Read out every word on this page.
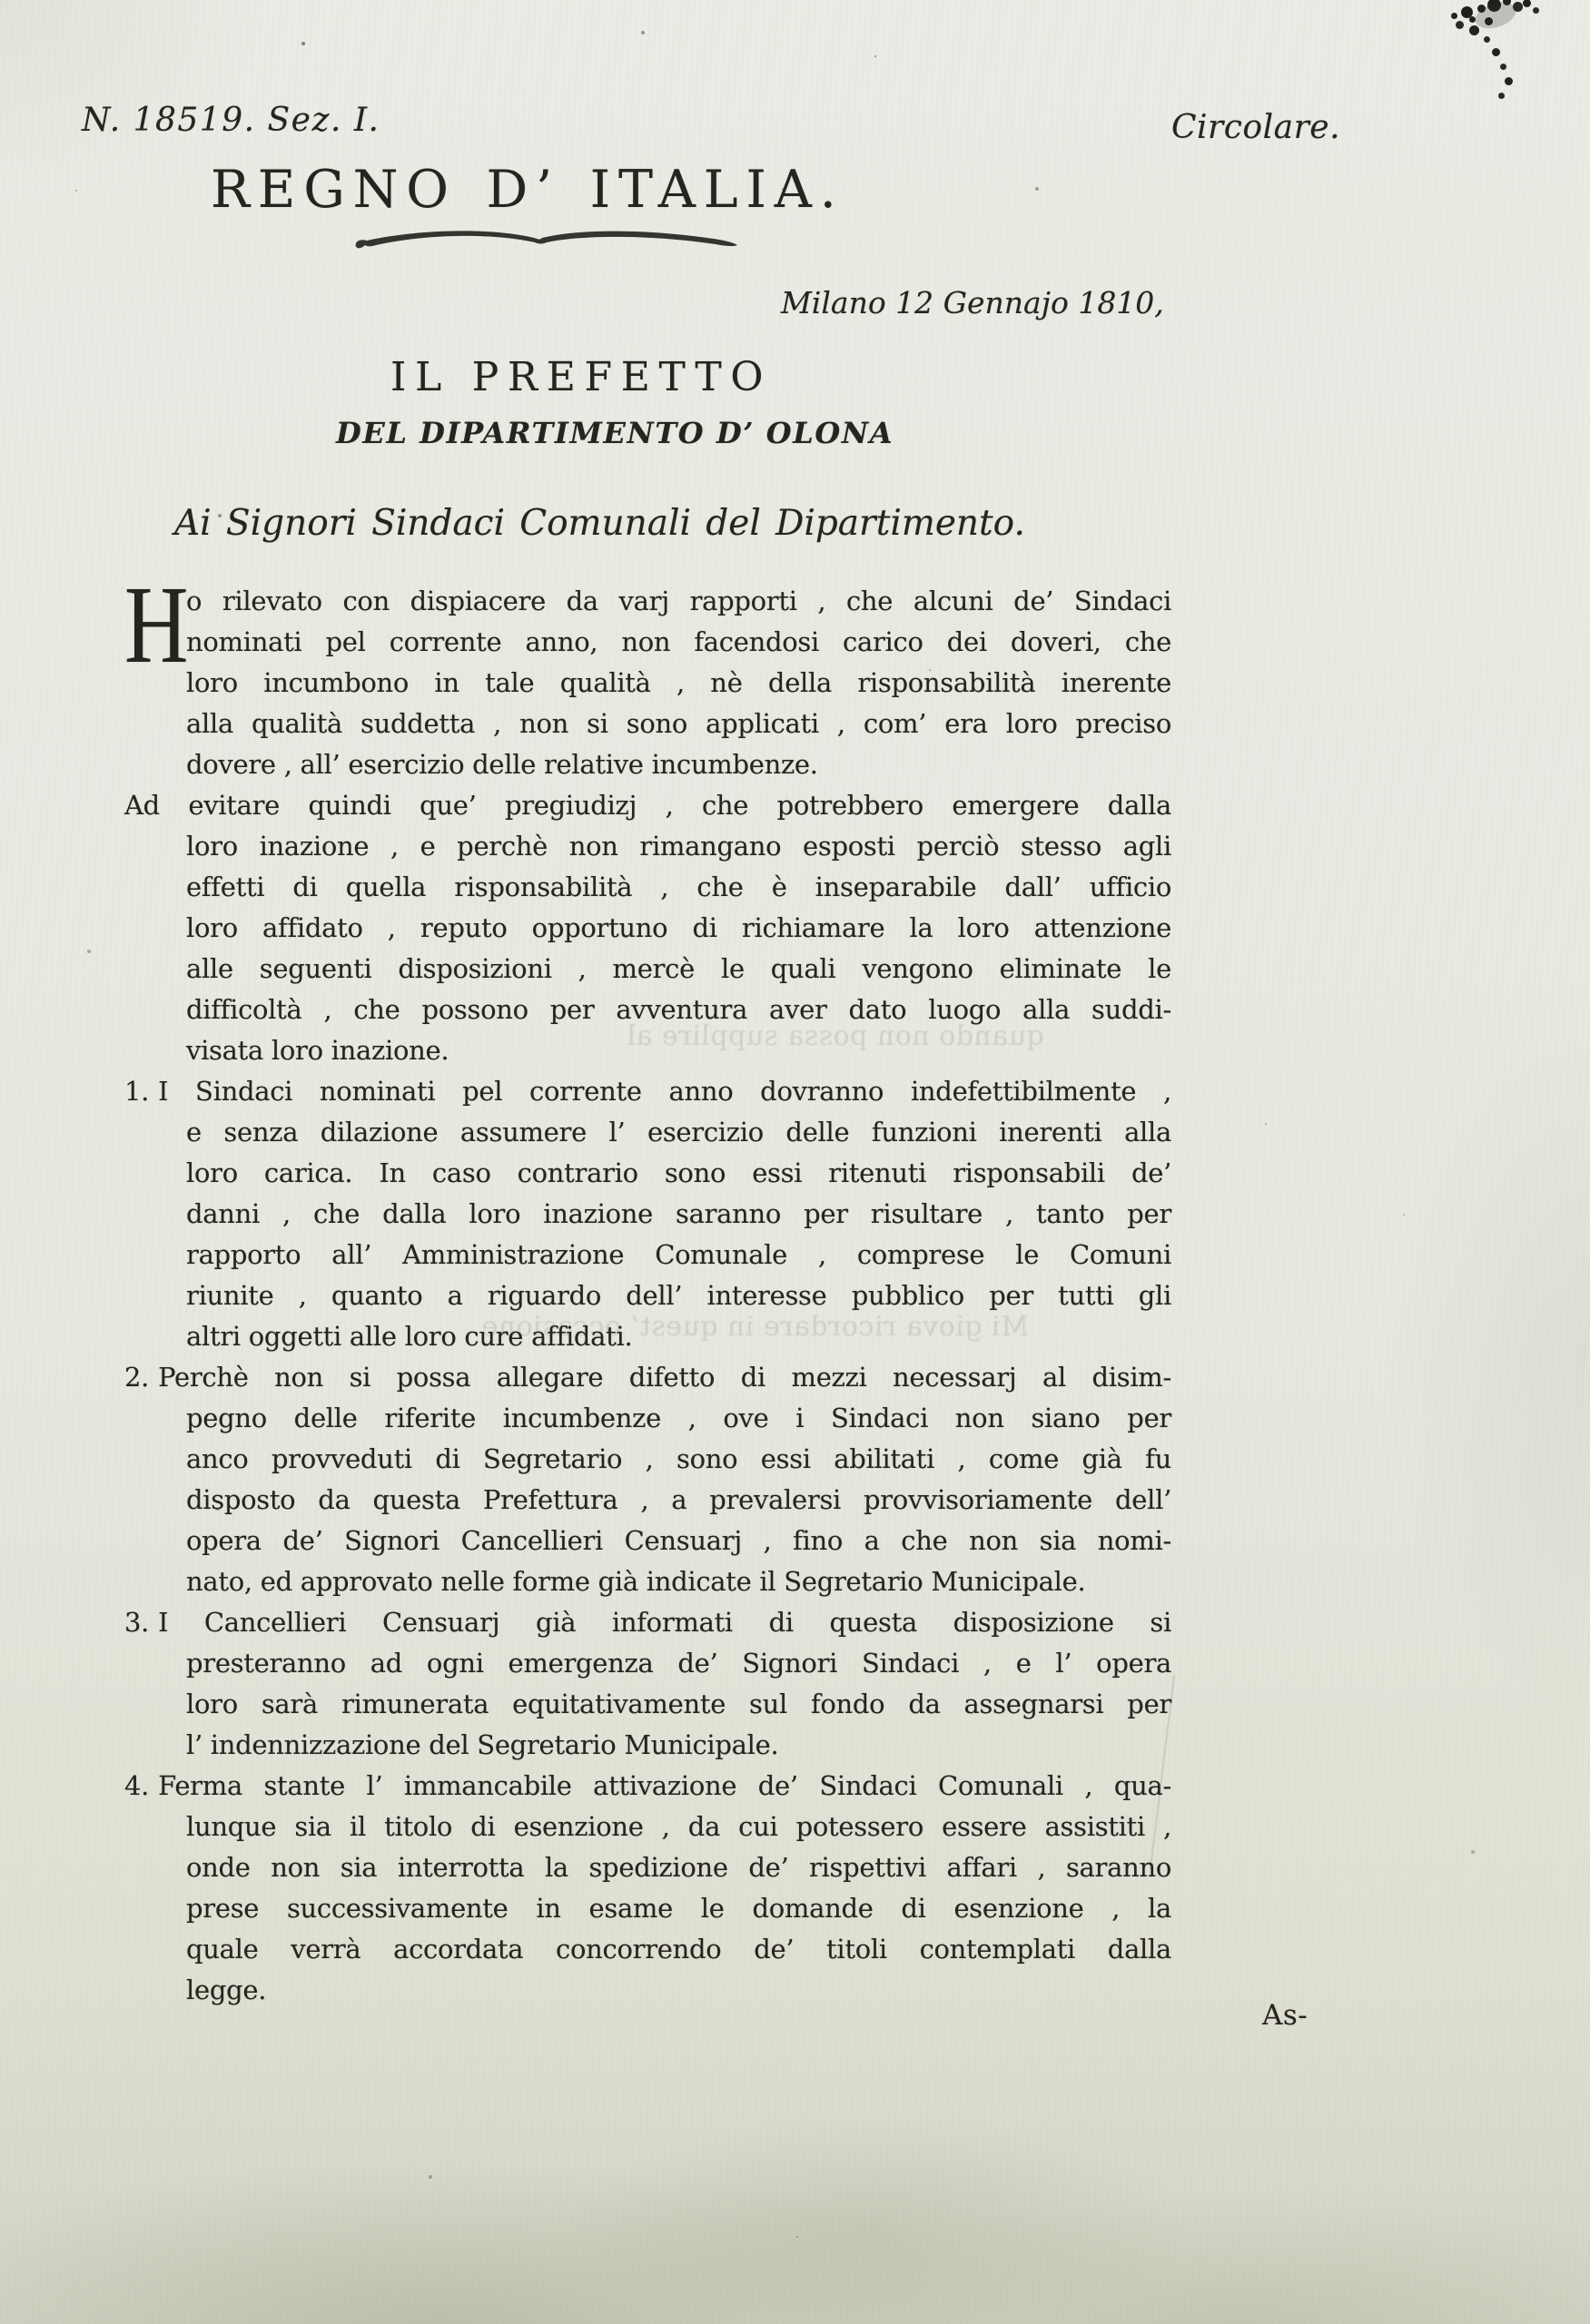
quando non possa supplire al
Mi giova ricordare in quest’ occasione
N. 18519. Sez. I.	Circolare.
REGNO D’ ITALIA.
Milano 12 Gennajo 1810,
IL PREFETTO
DEL DIPARTIMENTO D’ OLONA
Ai Signori Sindaci Comunali del Dipartimento.
H
o rilevato con dispiacere da varj rapporti , che alcuni de’ Sindaci
nominati pel corrente anno, non facendosi carico dei doveri, che
loro incumbono in tale qualità , nè della risponsabilità inerente
alla qualità suddetta , non si sono applicati , com’ era loro preciso
dovere , all’ esercizio delle relative incumbenze.
Ad evitare quindi que’ pregiudizj , che potrebbero emergere dalla
loro inazione , e perchè non rimangano esposti perciò stesso agli
effetti di quella risponsabilità , che è inseparabile dall’ ufficio
loro affidato , reputo opportuno di richiamare la loro attenzione
alle seguenti disposizioni , mercè le quali vengono eliminate le
difficoltà , che possono per avventura aver dato luogo alla suddi-
visata loro inazione.
1. I Sindaci nominati pel corrente anno dovranno indefettibilmente ,
e senza dilazione assumere l’ esercizio delle funzioni inerenti alla
loro carica. In caso contrario sono essi ritenuti risponsabili de’
danni , che dalla loro inazione saranno per risultare , tanto per
rapporto all’ Amministrazione Comunale , comprese le Comuni
riunite , quanto a riguardo dell’ interesse pubblico per tutti gli
altri oggetti alle loro cure affidati.
2. Perchè non si possa allegare difetto di mezzi necessarj al disim-
pegno delle riferite incumbenze , ove i Sindaci non siano per
anco provveduti di Segretario , sono essi abilitati , come già fu
disposto da questa Prefettura , a prevalersi provvisoriamente dell’
opera de’ Signori Cancellieri Censuarj , fino a che non sia nomi-
nato, ed approvato nelle forme già indicate il Segretario Municipale.
3. I Cancellieri Censuarj già informati di questa disposizione si
presteranno ad ogni emergenza de’ Signori Sindaci , e l’ opera
loro sarà rimunerata equitativamente sul fondo da assegnarsi per
l’ indennizzazione del Segretario Municipale.
4. Ferma stante l’ immancabile attivazione de’ Sindaci Comunali , qua-
lunque sia il titolo di esenzione , da cui potessero essere assistiti ,
onde non sia interrotta la spedizione de’ rispettivi affari , saranno
prese successivamente in esame le domande di esenzione , la
quale verrà accordata concorrendo de’ titoli contemplati dalla
legge.
As-
